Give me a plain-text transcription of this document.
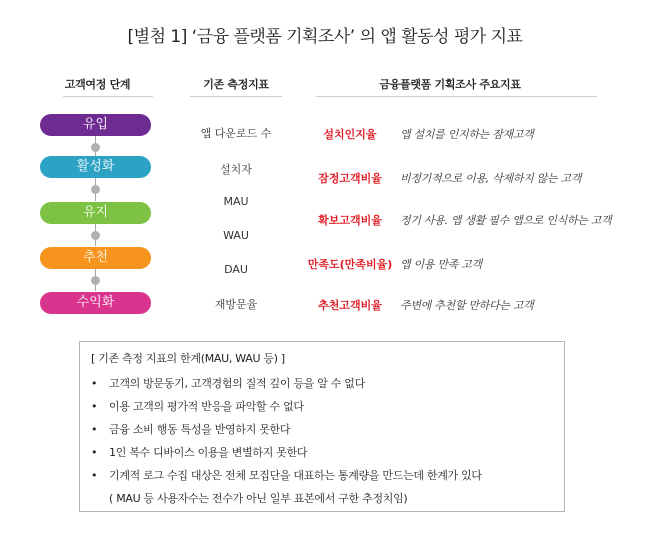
[별첨 1] ‘금융 플랫폼 기획조사’ 의 앱 활동성 평가 지표
고객여정 단계	기존 측정지표	금융플랫폼 기획조사 주요지표
유입
활성화
유지
추천
수익화
앱 다운로드 수
설치자
MAU
WAU
DAU
재방문율
설치인지율	앱 설치를 인지하는 잠재고객
잠정고객비율	비정기적으로 이용, 삭제하지 않는 고객
확보고객비율	정기 사용. 앱 생활 필수 앱으로 인식하는 고객
만족도(만족비율) 앱 이용 만족 고객
추천고객비율	주변에 추천할 만하다는 고객
[ 기존 측정 지표의 한계(MAU, WAU 등) ]
• 고객의 방문동기, 고객경험의 질적 깊이 등을 알 수 없다
• 이용 고객의 평가적 반응을 파악할 수 없다
• 금융 소비 행동 특성을 반영하지 못한다
• 1인 복수 디바이스 이용을 변별하지 못한다
• 기계적 로그 수집 대상은 전체 모집단을 대표하는 통계량을 만드는데 한계가 있다
( MAU 등 사용자수는 전수가 아닌 일부 표본에서 구한 추정치임)
